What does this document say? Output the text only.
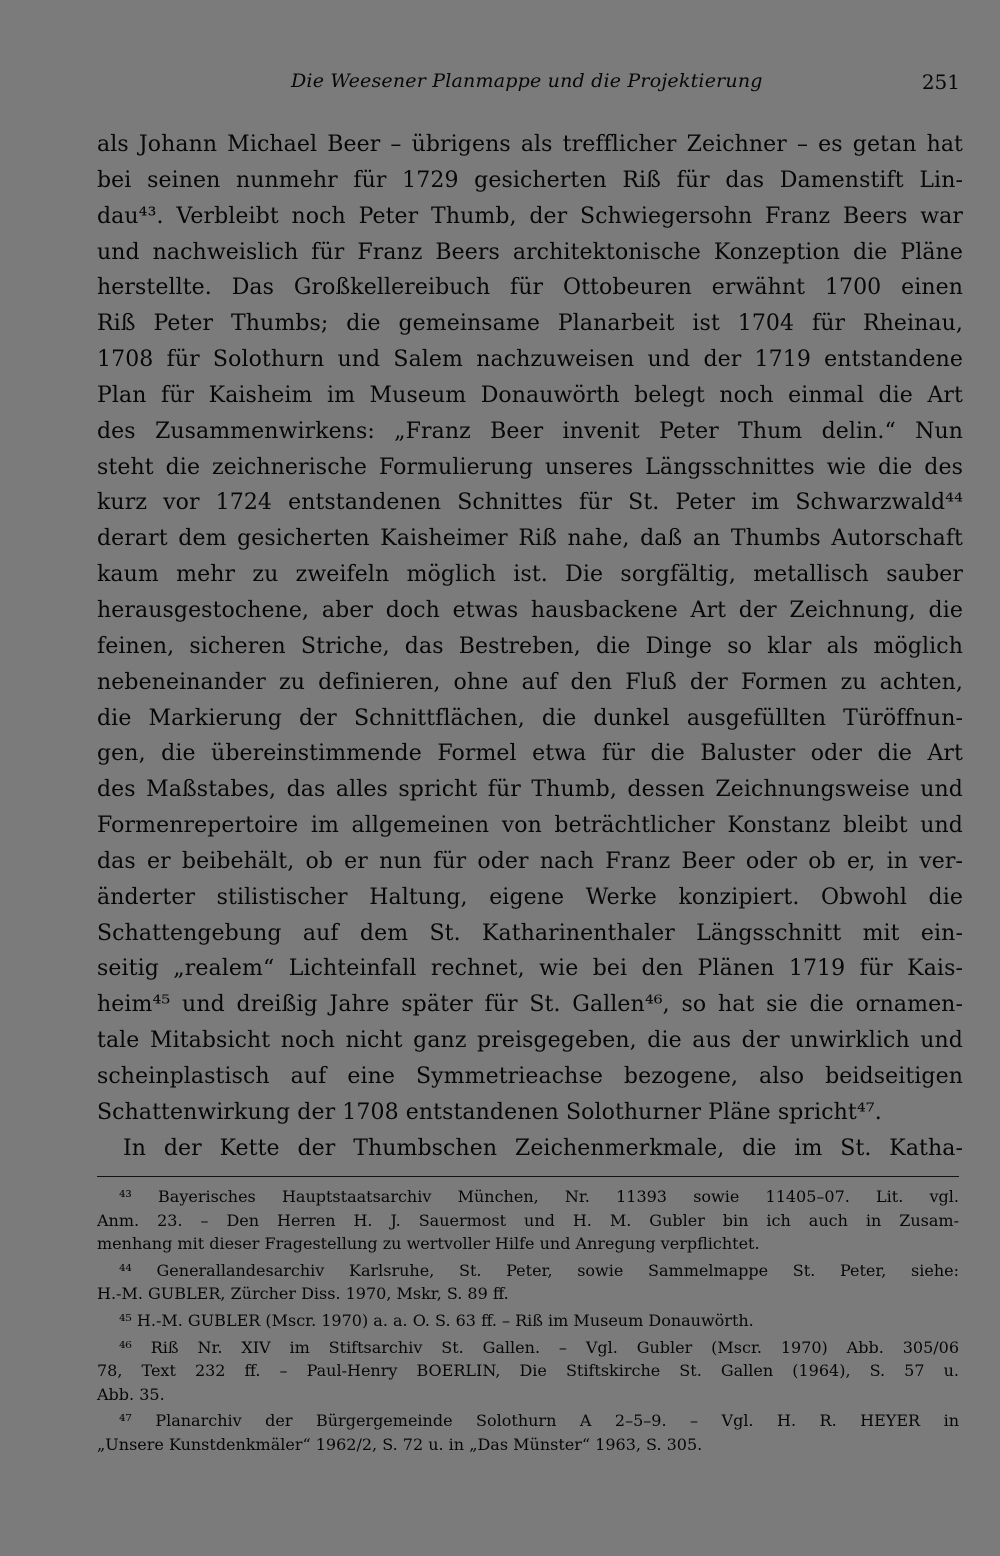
Die Weesener Planmappe und die Projektierung	251
als Johann Michael Beer – übrigens als trefflicher Zeichner – es getan hat
bei seinen nunmehr für 1729 gesicherten Riß für das Damenstift Lin-
dau⁴³. Verbleibt noch Peter Thumb, der Schwiegersohn Franz Beers war
und nachweislich für Franz Beers architektonische Konzeption die Pläne
herstellte. Das Großkellereibuch für Ottobeuren erwähnt 1700 einen
Riß Peter Thumbs; die gemeinsame Planarbeit ist 1704 für Rheinau,
1708 für Solothurn und Salem nachzuweisen und der 1719 entstandene
Plan für Kaisheim im Museum Donauwörth belegt noch einmal die Art
des Zusammenwirkens: „Franz Beer invenit Peter Thum delin.“ Nun
steht die zeichnerische Formulierung unseres Längsschnittes wie die des
kurz vor 1724 entstandenen Schnittes für St. Peter im Schwarzwald⁴⁴
derart dem gesicherten Kaisheimer Riß nahe, daß an Thumbs Autorschaft
kaum mehr zu zweifeln möglich ist. Die sorgfältig, metallisch sauber
herausgestochene, aber doch etwas hausbackene Art der Zeichnung, die
feinen, sicheren Striche, das Bestreben, die Dinge so klar als möglich
nebeneinander zu definieren, ohne auf den Fluß der Formen zu achten,
die Markierung der Schnittflächen, die dunkel ausgefüllten Türöffnun-
gen, die übereinstimmende Formel etwa für die Baluster oder die Art
des Maßstabes, das alles spricht für Thumb, dessen Zeichnungsweise und
Formenrepertoire im allgemeinen von beträchtlicher Konstanz bleibt und
das er beibehält, ob er nun für oder nach Franz Beer oder ob er, in ver-
änderter stilistischer Haltung, eigene Werke konzipiert. Obwohl die
Schattengebung auf dem St. Katharinenthaler Längsschnitt mit ein-
seitig „realem“ Lichteinfall rechnet, wie bei den Plänen 1719 für Kais-
heim⁴⁵ und dreißig Jahre später für St. Gallen⁴⁶, so hat sie die ornamen-
tale Mitabsicht noch nicht ganz preisgegeben, die aus der unwirklich und
scheinplastisch auf eine Symmetrieachse bezogene, also beidseitigen
Schattenwirkung der 1708 entstandenen Solothurner Pläne spricht⁴⁷.
In der Kette der Thumbschen Zeichenmerkmale, die im St. Katha-
⁴³ Bayerisches Hauptstaatsarchiv München, Nr. 11393 sowie 11405–07. Lit. vgl.
Anm. 23. – Den Herren H. J. Sauermost und H. M. Gubler bin ich auch in Zusam-
menhang mit dieser Fragestellung zu wertvoller Hilfe und Anregung verpflichtet.
⁴⁴ Generallandesarchiv Karlsruhe, St. Peter, sowie Sammelmappe St. Peter, siehe:
H.-M. GUBLER, Zürcher Diss. 1970, Mskr, S. 89 ff.
⁴⁵ H.-M. GUBLER (Mscr. 1970) a. a. O. S. 63 ff. – Riß im Museum Donauwörth.
⁴⁶ Riß Nr. XIV im Stiftsarchiv St. Gallen. – Vgl. Gubler (Mscr. 1970) Abb. 305/06
78, Text 232 ff. – Paul-Henry BOERLIN, Die Stiftskirche St. Gallen (1964), S. 57 u.
Abb. 35.
⁴⁷ Planarchiv der Bürgergemeinde Solothurn A 2–5–9. – Vgl. H. R. HEYER in
„Unsere Kunstdenkmäler“ 1962/2, S. 72 u. in „Das Münster“ 1963, S. 305.
